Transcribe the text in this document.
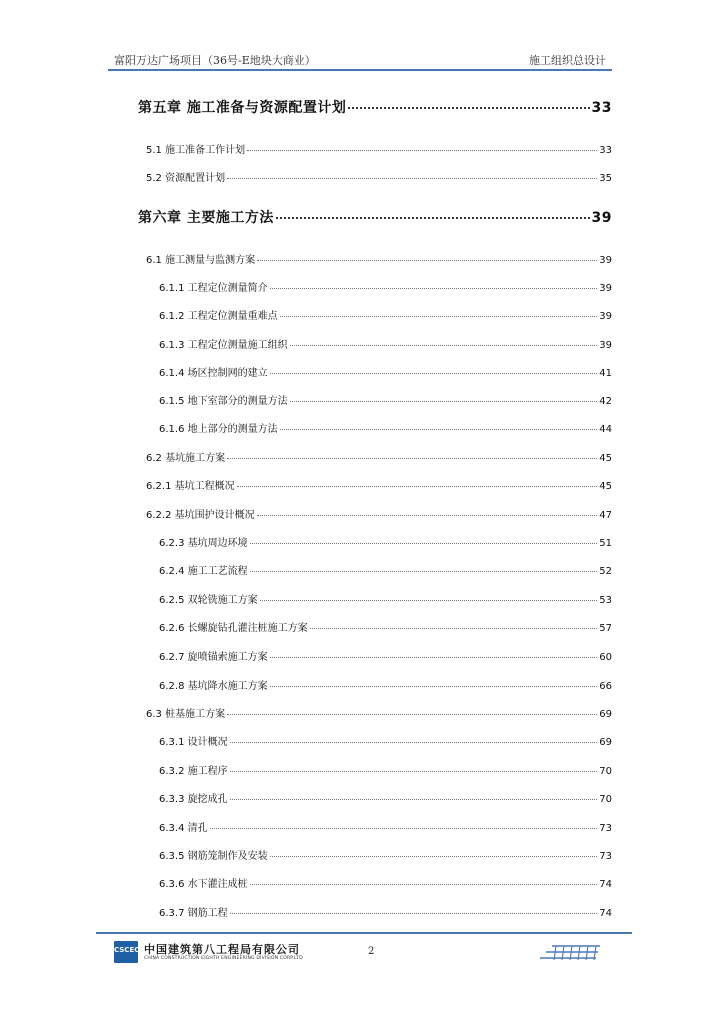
富阳万达广场项目（36号-E地块大商业）	施工组织总设计
第五章 施工准备与资源配置计划	33
5.1 施工准备工作计划	33
5.2 资源配置计划	35
第六章 主要施工方法	39
6.1 施工测量与监测方案	39
6.1.1 工程定位测量简介	39
6.1.2 工程定位测量重难点	39
6.1.3 工程定位测量施工组织	39
6.1.4 场区控制网的建立	41
6.1.5 地下室部分的测量方法	42
6.1.6 地上部分的测量方法	44
6.2 基坑施工方案	45
6.2.1 基坑工程概况	45
6.2.2 基坑围护设计概况	47
6.2.3 基坑周边环境	51
6.2.4 施工工艺流程	52
6.2.5 双轮铣施工方案	53
6.2.6 长螺旋钻孔灌注桩施工方案	57
6.2.7 旋喷锚索施工方案	60
6.2.8 基坑降水施工方案	66
6.3 桩基施工方案	69
6.3.1 设计概况	69
6.3.2 施工程序	70
6.3.3 旋挖成孔	70
6.3.4 清孔	73
6.3.5 钢筋笼制作及安装	73
6.3.6 水下灌注成桩	74
6.3.7 钢筋工程	74
CSCEC 中国建筑第八工程局有限公司
CHINA CONSTRUCTION EIGHTH ENGINEERING DIVISION CORP.LTD
2
